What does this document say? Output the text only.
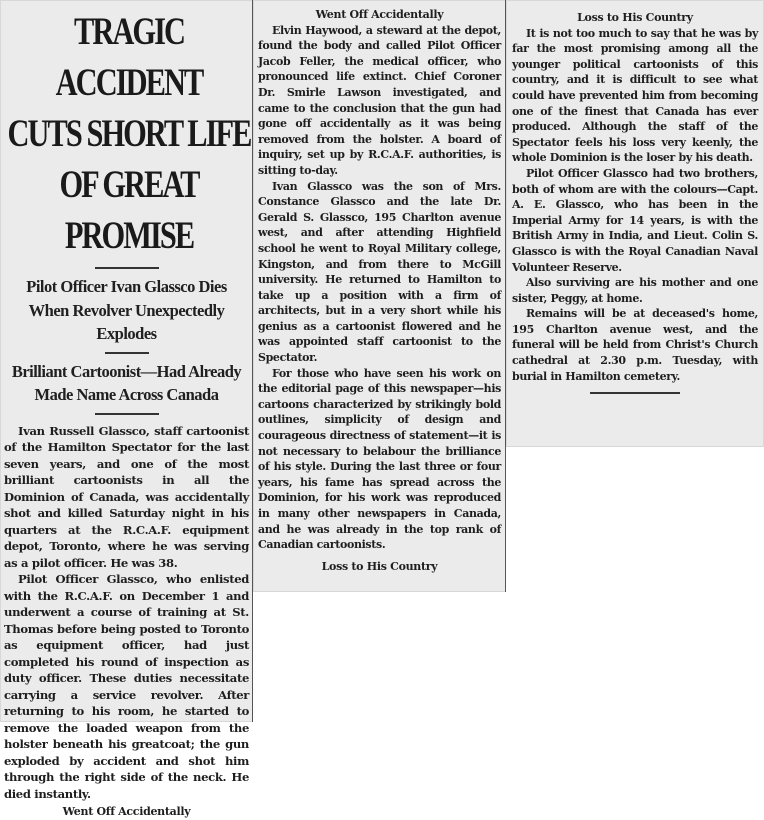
TRAGIC ACCIDENT
CUTS SHORT LIFE
OF GREAT PROMISE
Pilot Officer Ivan Glassco Dies When Revolver Unexpectedly Explodes
Brilliant Cartoonist—Had Already Made Name Across Canada

Ivan Russell Glassco, staff cartoonist of the Hamilton Spectator for the last seven years, and one of the most brilliant cartoonists in all the Dominion of Canada, was accidentally shot and killed Saturday night in his quarters at the R.C.A.F. equipment depot, Toronto, where he was serving as a pilot officer. He was 38.

Pilot Officer Glassco, who enlisted with the R.C.A.F. on December 1 and underwent a course of training at St. Thomas before being posted to Toronto as equipment officer, had just completed his round of inspection as duty officer. These duties necessitate carrying a service revolver. After returning to his room, he started to remove the loaded weapon from the holster beneath his greatcoat; the gun exploded by accident and shot him through the right side of the neck. He died instantly.

Went Off Accidentally
Went Off Accidentally

Elvin Haywood, a steward at the depot, found the body and called Pilot Officer Jacob Feller, the medical officer, who pronounced life extinct. Chief Coroner Dr. Smirle Lawson investigated, and came to the conclusion that the gun had gone off accidentally as it was being removed from the holster. A board of inquiry, set up by R.C.A.F. authorities, is sitting to-day.

Ivan Glassco was the son of Mrs. Constance Glassco and the late Dr. Gerald S. Glassco, 195 Charlton avenue west, and after attending Highfield school he went to Royal Military college, Kingston, and from there to McGill university. He returned to Hamilton to take up a position with a firm of architects, but in a very short while his genius as a cartoonist flowered and he was appointed staff cartoonist to the Spectator.

For those who have seen his work on the editorial page of this newspaper—his cartoons characterized by strikingly bold outlines, simplicity of design and courageous directness of statement—it is not necessary to belabour the brilliance of his style. During the last three or four years, his fame has spread across the Dominion, for his work was reproduced in many other newspapers in Canada, and he was already in the top rank of Canadian cartoonists.

Loss to His Country
Loss to His Country

It is not too much to say that he was by far the most promising among all the younger political cartoonists of this country, and it is difficult to see what could have prevented him from becoming one of the finest that Canada has ever produced. Although the staff of the Spectator feels his loss very keenly, the whole Dominion is the loser by his death.

Pilot Officer Glassco had two brothers, both of whom are with the colours—Capt. A. E. Glassco, who has been in the Imperial Army for 14 years, is with the British Army in India, and Lieut. Colin S. Glassco is with the Royal Canadian Naval Volunteer Reserve.

Also surviving are his mother and one sister, Peggy, at home.

Remains will be at deceased's home, 195 Charlton avenue west, and the funeral will be held from Christ's Church cathedral at 2.30 p.m. Tuesday, with burial in Hamilton cemetery.
